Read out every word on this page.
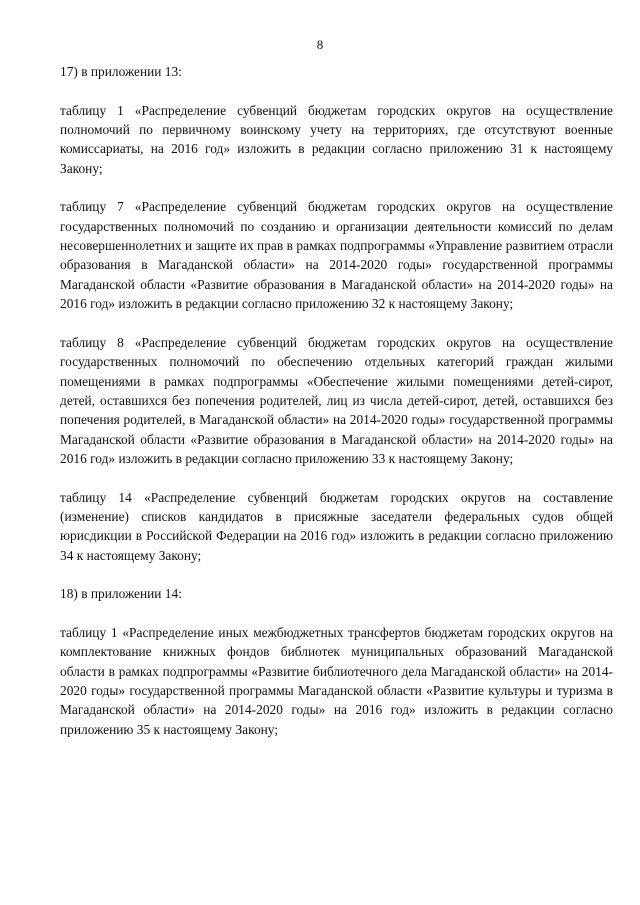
8

17) в приложении 13:

таблицу 1 «Распределение субвенций бюджетам городских округов на осуществление полномочий по первичному воинскому учету на территориях, где отсутствуют военные комиссариаты, на 2016 год» изложить в редакции согласно приложению 31 к настоящему Закону;

таблицу 7 «Распределение субвенций бюджетам городских округов на осуществление государственных полномочий по созданию и организации деятельности комиссий по делам несовершеннолетних и защите их прав в рамках подпрограммы «Управление развитием отрасли образования в Магаданской области» на 2014-2020 годы» государственной программы Магаданской области «Развитие образования в Магаданской области» на 2014-2020 годы» на 2016 год» изложить в редакции согласно приложению 32 к настоящему Закону;

таблицу 8 «Распределение субвенций бюджетам городских округов на осуществление государственных полномочий по обеспечению отдельных категорий граждан жилыми помещениями в рамках подпрограммы «Обеспечение жилыми помещениями детей-сирот, детей, оставшихся без попечения родителей, лиц из числа детей-сирот, детей, оставшихся без попечения родителей, в Магаданской области» на 2014-2020 годы» государственной программы Магаданской области «Развитие образования в Магаданской области» на 2014-2020 годы» на 2016 год» изложить в редакции согласно приложению 33 к настоящему Закону;

таблицу 14 «Распределение субвенций бюджетам городских округов на составление (изменение) списков кандидатов в присяжные заседатели федеральных судов общей юрисдикции в Российской Федерации на 2016 год» изложить в редакции согласно приложению 34 к настоящему Закону;

18) в приложении 14:

таблицу 1 «Распределение иных межбюджетных трансфертов бюджетам городских округов на комплектование книжных фондов библиотек муниципальных образований Магаданской области в рамках подпрограммы «Развитие библиотечного дела Магаданской области» на 2014-2020 годы» государственной программы Магаданской области «Развитие культуры и туризма в Магаданской области» на 2014-2020 годы» на 2016 год» изложить в редакции согласно приложению 35 к настоящему Закону;
